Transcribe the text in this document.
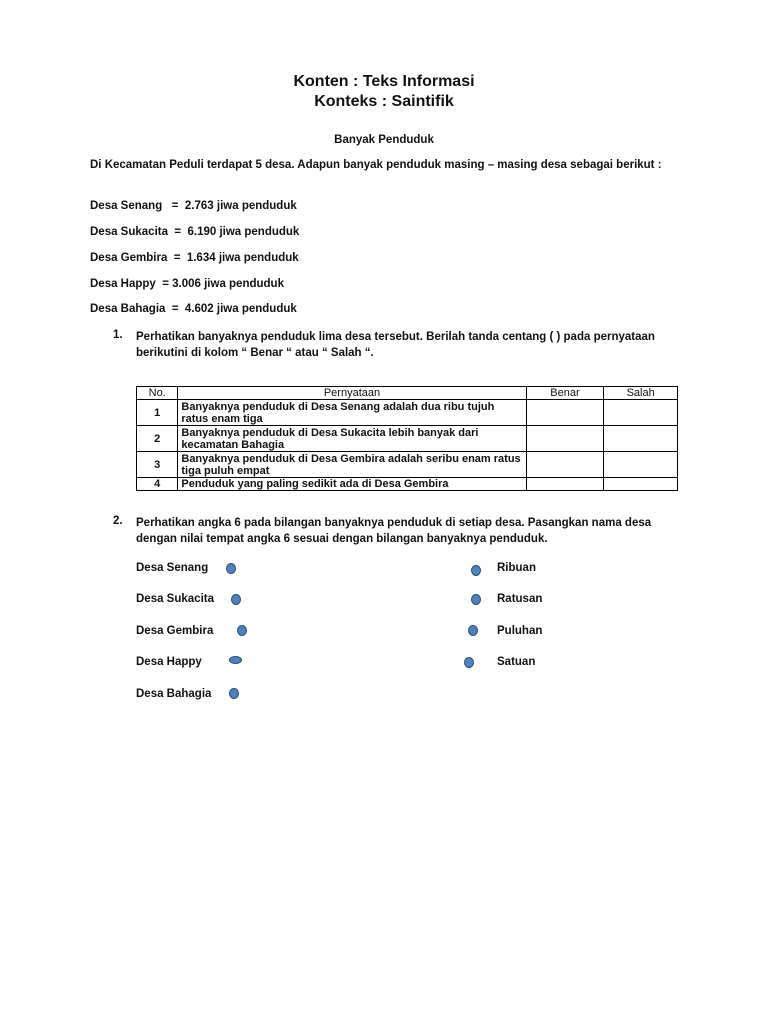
Konten : Teks Informasi
Konteks : Saintifik
Banyak Penduduk
Di Kecamatan Peduli terdapat 5 desa. Adapun banyak penduduk masing – masing desa sebagai berikut :
Desa Senang   =  2.763 jiwa penduduk
Desa Sukacita  =  6.190 jiwa penduduk
Desa Gembira  =  1.634 jiwa penduduk
Desa Happy  = 3.006 jiwa penduduk
Desa Bahagia  =  4.602 jiwa penduduk
1. Perhatikan banyaknya penduduk lima desa tersebut. Berilah tanda centang ( ) pada pernyataan berikutini di kolom “ Benar “ atau “ Salah “.
No.	Pernyataan	Benar	Salah
1	Banyaknya penduduk di Desa Senang adalah dua ribu tujuh ratus enam tiga		
2	Banyaknya penduduk di Desa Sukacita lebih banyak dari kecamatan Bahagia		
3	Banyaknya penduduk di Desa Gembira adalah seribu enam ratus tiga puluh empat		
4	Penduduk yang paling sedikit ada di Desa Gembira		
2. Perhatikan angka 6 pada bilangan banyaknya penduduk di setiap desa. Pasangkan nama desa dengan nilai tempat angka 6 sesuai dengan bilangan banyaknya penduduk.
Desa Senang
Desa Sukacita
Desa Gembira
Desa Happy
Desa Bahagia
Ribuan
Ratusan
Puluhan
Satuan
